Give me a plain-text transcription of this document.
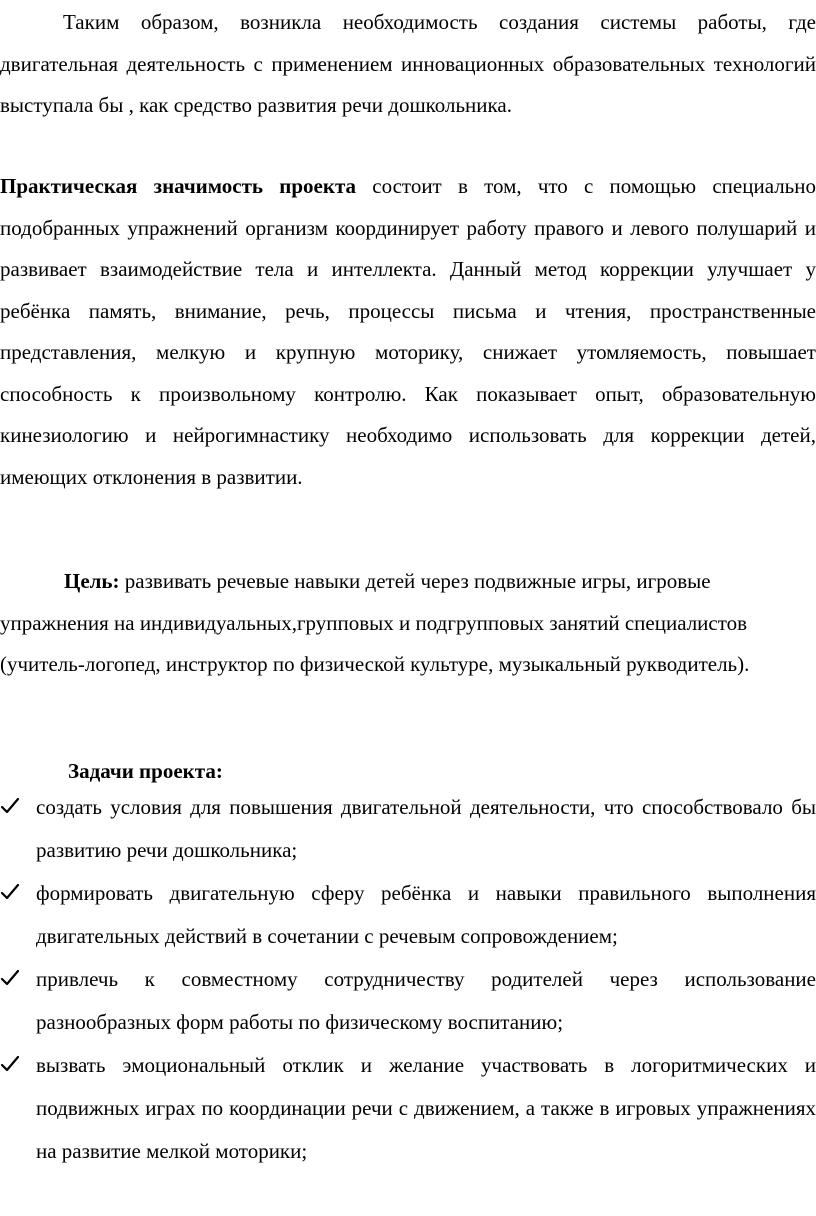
Таким образом, возникла необходимость создания системы работы, где двигательная деятельность с применением инновационных образовательных технологий выступала бы , как средство развития речи дошкольника.

Практическая значимость проекта состоит в том, что с помощью специально подобранных упражнений организм координирует работу правого и левого полушарий и развивает взаимодействие тела и интеллекта. Данный метод коррекции улучшает у ребёнка память, внимание, речь, процессы письма и чтения, пространственные представления, мелкую и крупную моторику, снижает утомляемость, повышает способность к произвольному контролю. Как показывает опыт, образовательную кинезиологию и нейрогимнастику необходимо использовать для коррекции детей, имеющих отклонения в развитии.

Цель: развивать речевые навыки детей через подвижные игры, игровые упражнения на индивидуальных,групповых и подгрупповых занятий специалистов (учитель-логопед, инструктор по физической культуре, музыкальный рукводитель).

Задачи проекта:

создать условия для повышения двигательной деятельности, что способствовало бы развитию речи дошкольника;
формировать двигательную сферу ребёнка и навыки правильного выполнения двигательных действий в сочетании с речевым сопровождением;
привлечь к совместному сотрудничеству родителей через использование разнообразных форм работы по физическому воспитанию;
вызвать эмоциональный отклик и желание участвовать в логоритмических и подвижных играх по координации речи с движением, а также в игровых упражнениях на развитие мелкой моторики;
